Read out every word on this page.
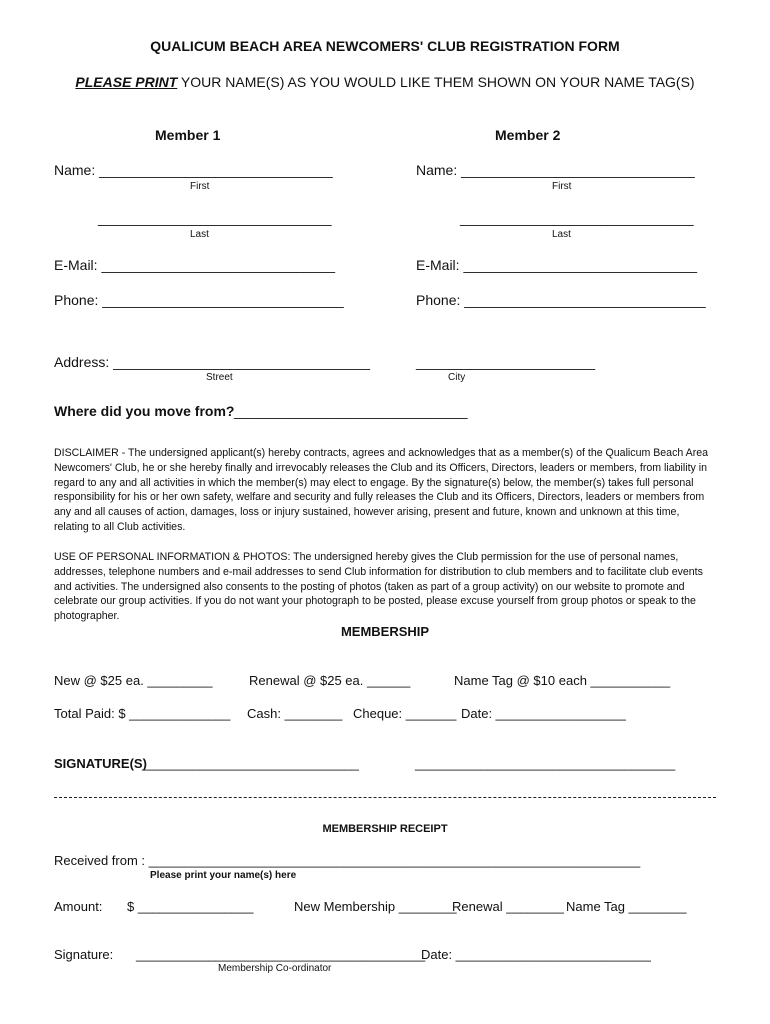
QUALICUM BEACH AREA NEWCOMERS' CLUB REGISTRATION FORM
PLEASE PRINT YOUR NAME(S) AS YOU WOULD LIKE THEM SHOWN ON YOUR NAME TAG(S)
Member 1	Member 2
Name: ______________________________
First
______________________________
Last
E-Mail: ______________________________
Phone: _______________________________
Name: ______________________________
First
______________________________
Last
E-Mail: ______________________________
Phone: _______________________________
Address: _________________________________
Street
_______________________
City
Where did you move from? ______________________________
DISCLAIMER - The undersigned applicant(s) hereby contracts, agrees and acknowledges that as a member(s) of the Qualicum Beach Area Newcomers' Club, he or she hereby finally and irrevocably releases the Club and its Officers, Directors, leaders or members, from liability in regard to any and all activities in which the member(s) may elect to engage. By the signature(s) below, the member(s) takes full personal responsibility for his or her own safety, welfare and security and fully releases the Club and its Officers, Directors, leaders or members from any and all causes of action, damages, loss or injury sustained, however arising, present and future, known and unknown at this time, relating to all Club activities.
USE OF PERSONAL INFORMATION & PHOTOS: The undersigned hereby gives the Club permission for the use of personal names, addresses, telephone numbers and e-mail addresses to send Club information for distribution to club members and to facilitate club events and activities. The undersigned also consents to the posting of photos (taken as part of a group activity) on our website to promote and celebrate our group activities. If you do not want your photograph to be posted, please excuse yourself from group photos or speak to the photographer.
MEMBERSHIP
New @ $25 ea. _________	Renewal @ $25 ea. ______	Name Tag @ $10 each ___________
Total Paid: $ ______________ Cash: ________ Cheque: _______ Date: __________________
SIGNATURE(S)
______________________________	____________________________________
MEMBERSHIP RECEIPT
Received from : ____________________________________________________________________
Please print your name(s) here
Amount: $ ________________	New Membership ________
Renewal ________ Name Tag ________
Signature: ________________________________________
Membership Co-ordinator
Date: ___________________________
